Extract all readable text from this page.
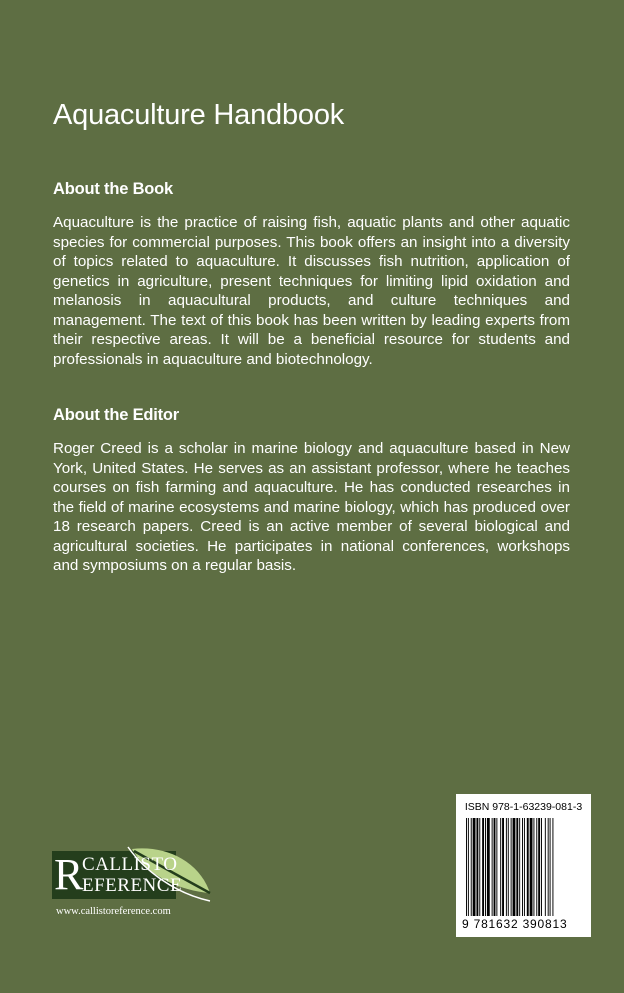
Aquaculture Handbook
About the Book
Aquaculture is the practice of raising fish, aquatic plants and other aquatic species for commercial purposes. This book offers an insight into a diversity of topics related to aquaculture. It discusses fish nutrition, application of genetics in agriculture, present techniques for limiting lipid oxidation and melanosis in aquacultural products, and culture techniques and management. The text of this book has been written by leading experts from their respective areas. It will be a beneficial resource for students and professionals in aquaculture and biotechnology.
About the Editor
Roger Creed is a scholar in marine biology and aquaculture based in New York, United States. He serves as an assistant professor, where he teaches courses on fish farming and aquaculture. He has conducted researches in the field of marine ecosystems and marine biology, which has produced over 18 research papers. Creed is an active member of several biological and agricultural societies. He participates in national conferences, workshops and symposiums on a regular basis.
R
CALLISTO
EFERENCE
www.callistoreference.com
ISBN 978-1-63239-081-3
9 781632 390813
